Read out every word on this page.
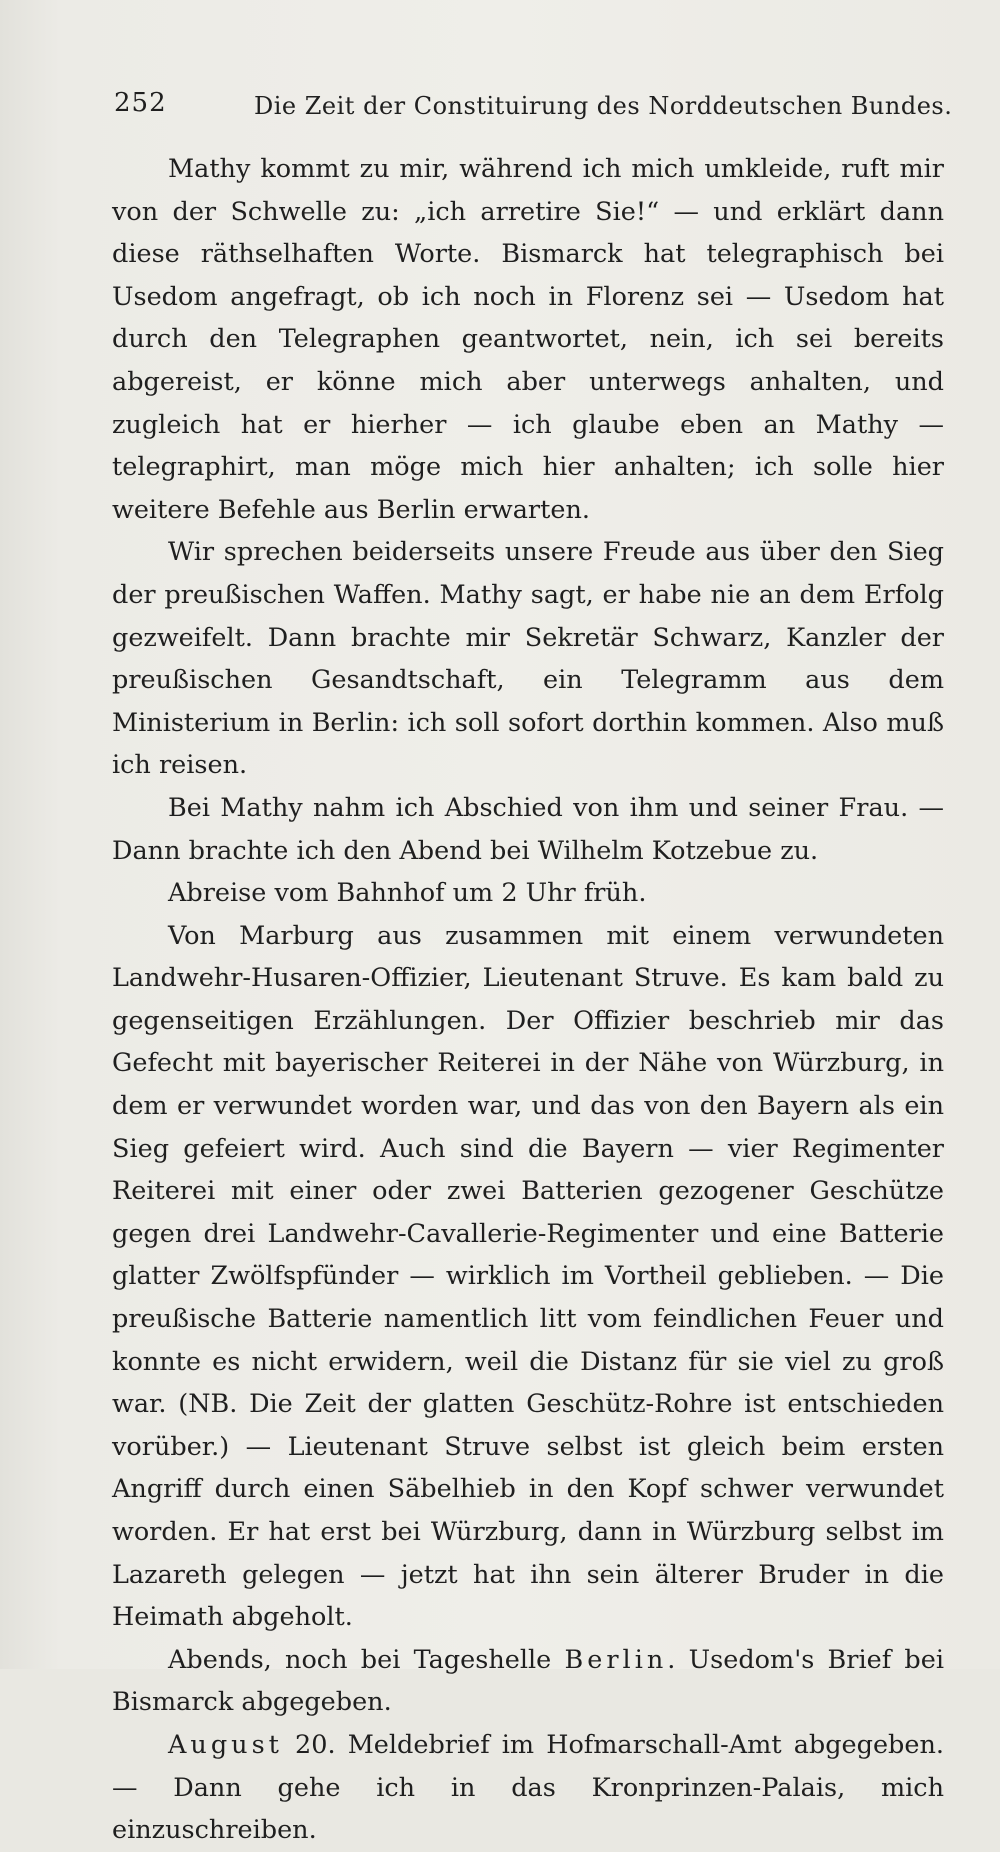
252	Die Zeit der Constituirung des Norddeutschen Bundes.

Mathy kommt zu mir, während ich mich umkleide, ruft mir von der Schwelle zu: „ich arretire Sie!“ — und erklärt dann diese räthselhaften Worte. Bismarck hat telegraphisch bei Usedom angefragt, ob ich noch in Florenz sei — Usedom hat durch den Telegraphen geantwortet, nein, ich sei bereits abgereist, er könne mich aber unterwegs anhalten, und zugleich hat er hierher — ich glaube eben an Mathy — telegraphirt, man möge mich hier anhalten; ich solle hier weitere Befehle aus Berlin erwarten.

Wir sprechen beiderseits unsere Freude aus über den Sieg der preußischen Waffen. Mathy sagt, er habe nie an dem Erfolg gezweifelt. Dann brachte mir Sekretär Schwarz, Kanzler der preußischen Gesandtschaft, ein Telegramm aus dem Ministerium in Berlin: ich soll sofort dorthin kommen. Also muß ich reisen.

Bei Mathy nahm ich Abschied von ihm und seiner Frau. — Dann brachte ich den Abend bei Wilhelm Kotzebue zu.

Abreise vom Bahnhof um 2 Uhr früh.

Von Marburg aus zusammen mit einem verwundeten Landwehr-Husaren-Offizier, Lieutenant Struve. Es kam bald zu gegenseitigen Erzählungen. Der Offizier beschrieb mir das Gefecht mit bayerischer Reiterei in der Nähe von Würzburg, in dem er verwundet worden war, und das von den Bayern als ein Sieg gefeiert wird. Auch sind die Bayern — vier Regimenter Reiterei mit einer oder zwei Batterien gezogener Geschütze gegen drei Landwehr-Cavallerie-Regimenter und eine Batterie glatter Zwölfspfünder — wirklich im Vortheil geblieben. — Die preußische Batterie namentlich litt vom feindlichen Feuer und konnte es nicht erwidern, weil die Distanz für sie viel zu groß war. (NB. Die Zeit der glatten Geschütz-Rohre ist entschieden vorüber.) — Lieutenant Struve selbst ist gleich beim ersten Angriff durch einen Säbelhieb in den Kopf schwer verwundet worden. Er hat erst bei Würzburg, dann in Würzburg selbst im Lazareth gelegen — jetzt hat ihn sein älterer Bruder in die Heimath abgeholt.

Abends, noch bei Tageshelle Berlin. Usedom's Brief bei Bismarck abgegeben.

August 20. Meldebrief im Hofmarschall-Amt abgegeben. — Dann gehe ich in das Kronprinzen-Palais, mich einzuschreiben.
